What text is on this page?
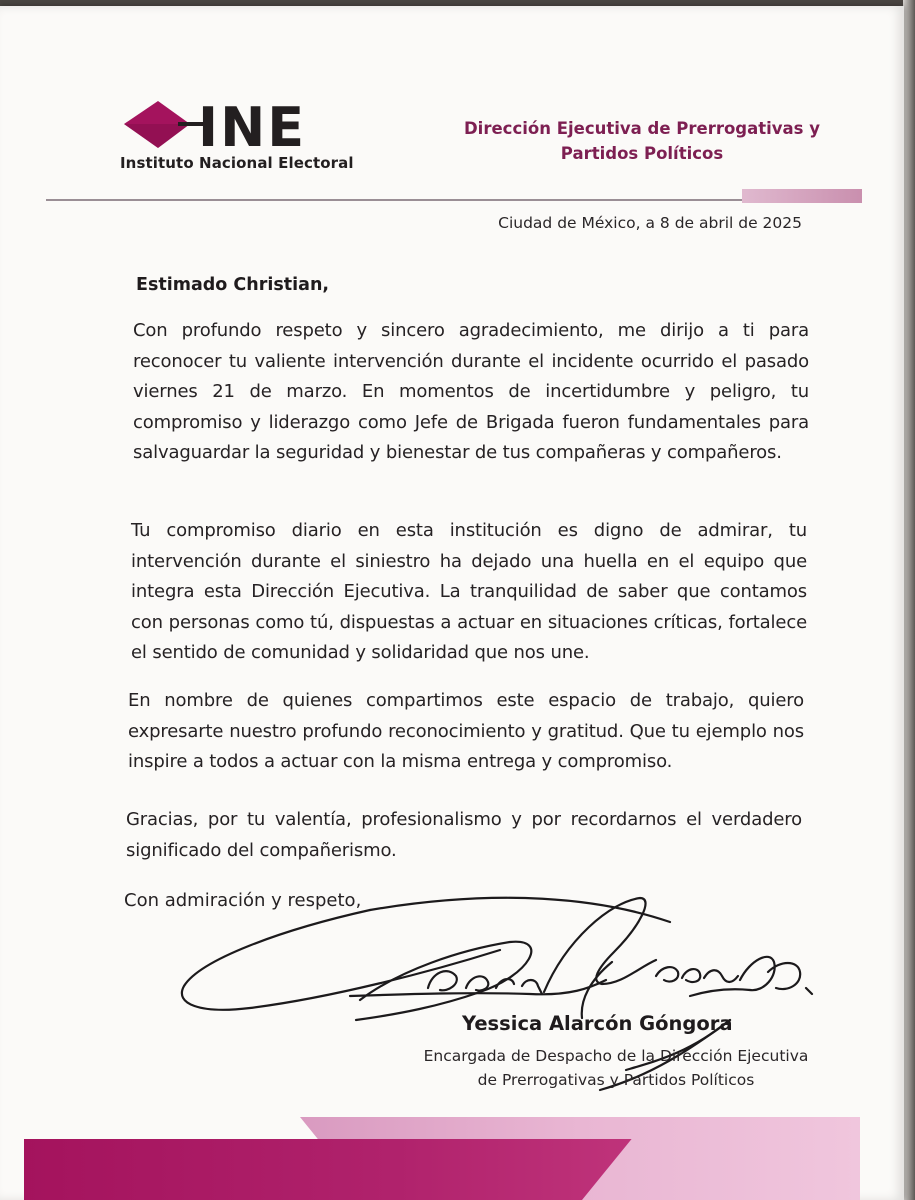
INE
Instituto Nacional Electoral
Dirección Ejecutiva de Prerrogativas y Partidos Políticos
Ciudad de México, a 8 de abril de 2025
Estimado Christian,

Con profundo respeto y sincero agradecimiento, me dirijo a ti para reconocer tu valiente intervención durante el incidente ocurrido el pasado viernes 21 de marzo. En momentos de incertidumbre y peligro, tu compromiso y liderazgo como Jefe de Brigada fueron fundamentales para salvaguardar la seguridad y bienestar de tus compañeras y compañeros.

Tu compromiso diario en esta institución es digno de admirar, tu intervención durante el siniestro ha dejado una huella en el equipo que integra esta Dirección Ejecutiva. La tranquilidad de saber que contamos con personas como tú, dispuestas a actuar en situaciones críticas, fortalece el sentido de comunidad y solidaridad que nos une.

En nombre de quienes compartimos este espacio de trabajo, quiero expresarte nuestro profundo reconocimiento y gratitud. Que tu ejemplo nos inspire a todos a actuar con la misma entrega y compromiso.

Gracias, por tu valentía, profesionalismo y por recordarnos el verdadero significado del compañerismo.

Con admiración y respeto,
Yessica Alarcón Góngora
Encargada de Despacho de la Dirección Ejecutiva de Prerrogativas y Partidos Políticos
